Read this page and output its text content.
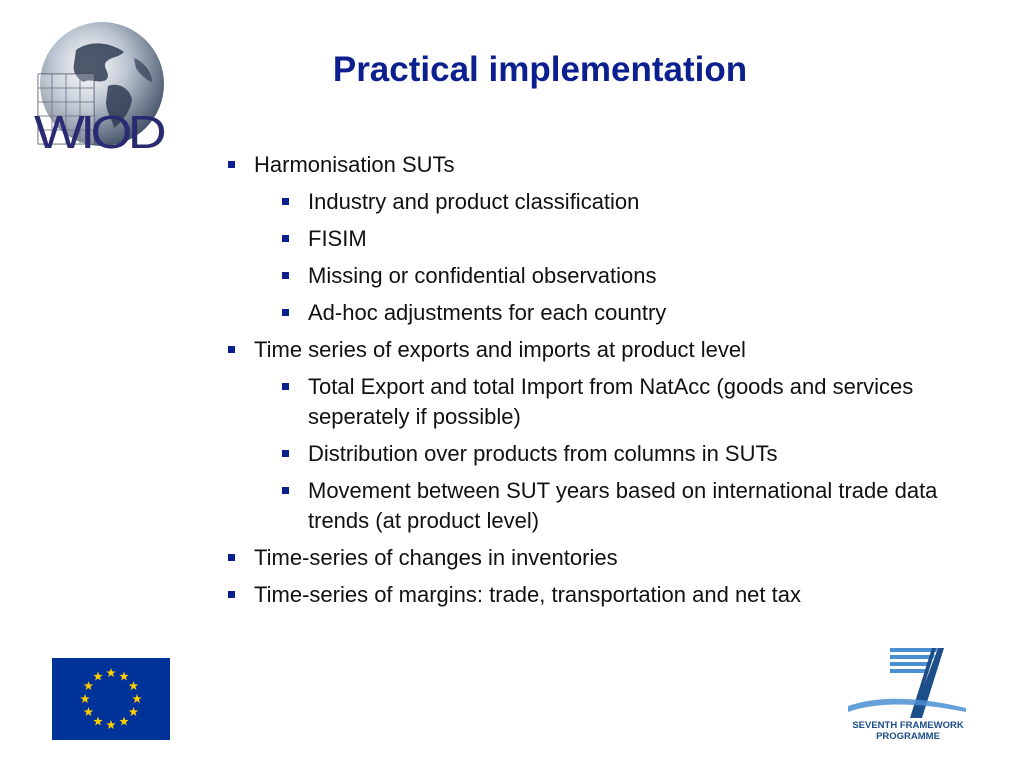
WIOD
Practical implementation
Harmonisation SUTs
Industry and product classification
FISIM
Missing or confidential observations
Ad-hoc adjustments for each country
Time series of exports and imports at product level
Total Export and total Import from NatAcc (goods and services seperately if possible)
Distribution over products from columns in SUTs
Movement between SUT years based on international trade data trends (at product level)
Time-series of changes in inventories
Time-series of margins: trade, transportation and net tax
SEVENTH FRAMEWORK
PROGRAMME
